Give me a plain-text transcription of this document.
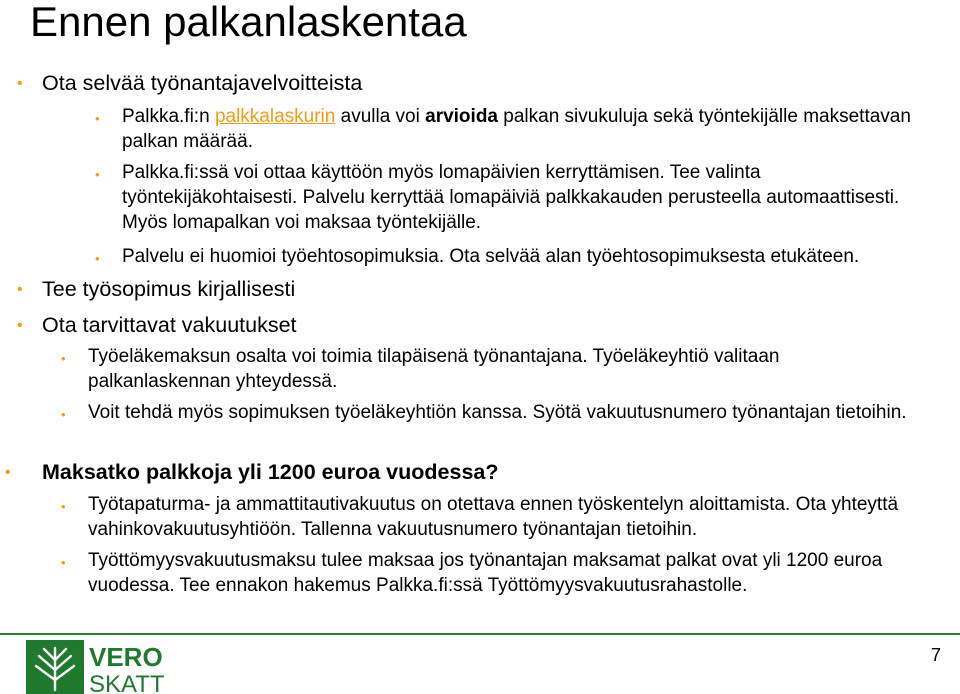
Ennen palkanlaskentaa
• Ota selvää työnantajavelvoitteista
• Palkka.fi:n palkkalaskurin avulla voi arvioida palkan sivukuluja sekä työntekijälle maksettavan palkan määrää.
• Palkka.fi:ssä voi ottaa käyttöön myös lomapäivien kerryttämisen. Tee valinta työntekijäkohtaisesti. Palvelu kerryttää lomapäiviä palkkakauden perusteella automaattisesti. Myös lomapalkan voi maksaa työntekijälle.
• Palvelu ei huomioi työehtosopimuksia. Ota selvää alan työehtosopimuksesta etukäteen.
• Tee työsopimus kirjallisesti
• Ota tarvittavat vakuutukset
• Työeläkemaksun osalta voi toimia tilapäisenä työnantajana. Työeläkeyhtiö valitaan palkanlaskennan yhteydessä.
• Voit tehdä myös sopimuksen työeläkeyhtiön kanssa. Syötä vakuutusnumero työnantajan tietoihin.
• Maksatko palkkoja yli 1200 euroa vuodessa?
• Työtapaturma- ja ammattitautivakuutus on otettava ennen työskentelyn aloittamista. Ota yhteyttä vahinkovakuutusyhtiöön. Tallenna vakuutusnumero työnantajan tietoihin.
• Työttömyysvakuutusmaksu tulee maksaa jos työnantajan maksamat palkat ovat yli 1200 euroa vuodessa. Tee ennakon hakemus Palkka.fi:ssä Työttömyysvakuutusrahastolle.
VERO
SKATT
7
